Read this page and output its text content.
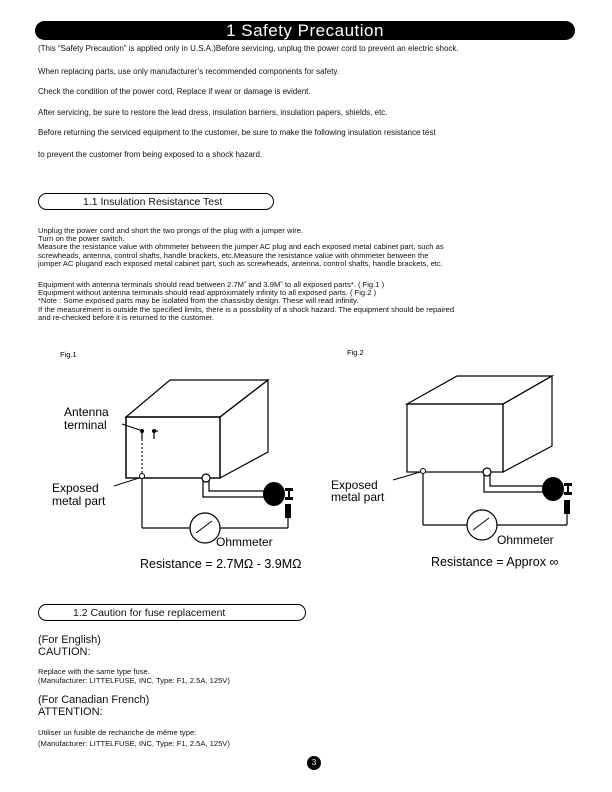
1 Safety Precaution
(This “Safety Precaution” is applied only in U.S.A.)Before servicing, unplug the power cord to prevent an electric shock.
When replacing parts, use only manufacturer’s recommended components for safety.
Check the condition of the power cord, Replace if wear or damage is evident.
After servicing, be sure to restore the lead dress, insulation barriers, insulation papers, shields, etc.
Before returning the serviced equipment to the customer, be sure to make the following insulation resistance test
to prevent the customer from being exposed to a shock hazard.
1.1 Insulation Resistance Test
Unplug the power cord and short the two prongs of the plug with a jumper wire.
Turn on the power switch.
Measure the resistance value with ohmmeter between the jumper AC plug and each exposed metal cabinet part, such as
screwheads, antenna, control shafts, handle brackets, etc.Measure the resistance value with ohmmeter between the
jumper AC plugand each exposed metal cabinet part, such as screwheads, antenna, control shafts, handle brackets, etc.
Equipment with antenna terminals should read between 2.7M˜ and 3.9M˜ to all exposed parts*. ( Fig.1 )
Equipment without antenna terminals should read approximately infinity to all exposed parts. ( Fig.2 )
*Note : Some exposed parts may be isolated from the chassisby design. These will read infinity.
If the measurement is outside the specified limits, there is a possibility of a shock hazard. The equipment should be repaired
and re-checked before it is returned to the customer.
Fig.1
Antenna
terminal
Exposed
metal part
Ohmmeter
Resistance = 2.7MΩ - 3.9MΩ
Fig.2
Exposed
metal part
Ohmmeter
Resistance = Approx ∞
1.2 Caution for fuse replacement
(For English)
CAUTION:
Replace with the same type fuse.
(Manufacturer: LITTELFUSE, INC, Type: F1, 2.5A, 125V)
(For Canadian French)
ATTENTION:
Utiliser un fusible de rechanche de même type:
(Manufacturer: LITTELFUSE, INC, Type: F1, 2.5A, 125V)
3
